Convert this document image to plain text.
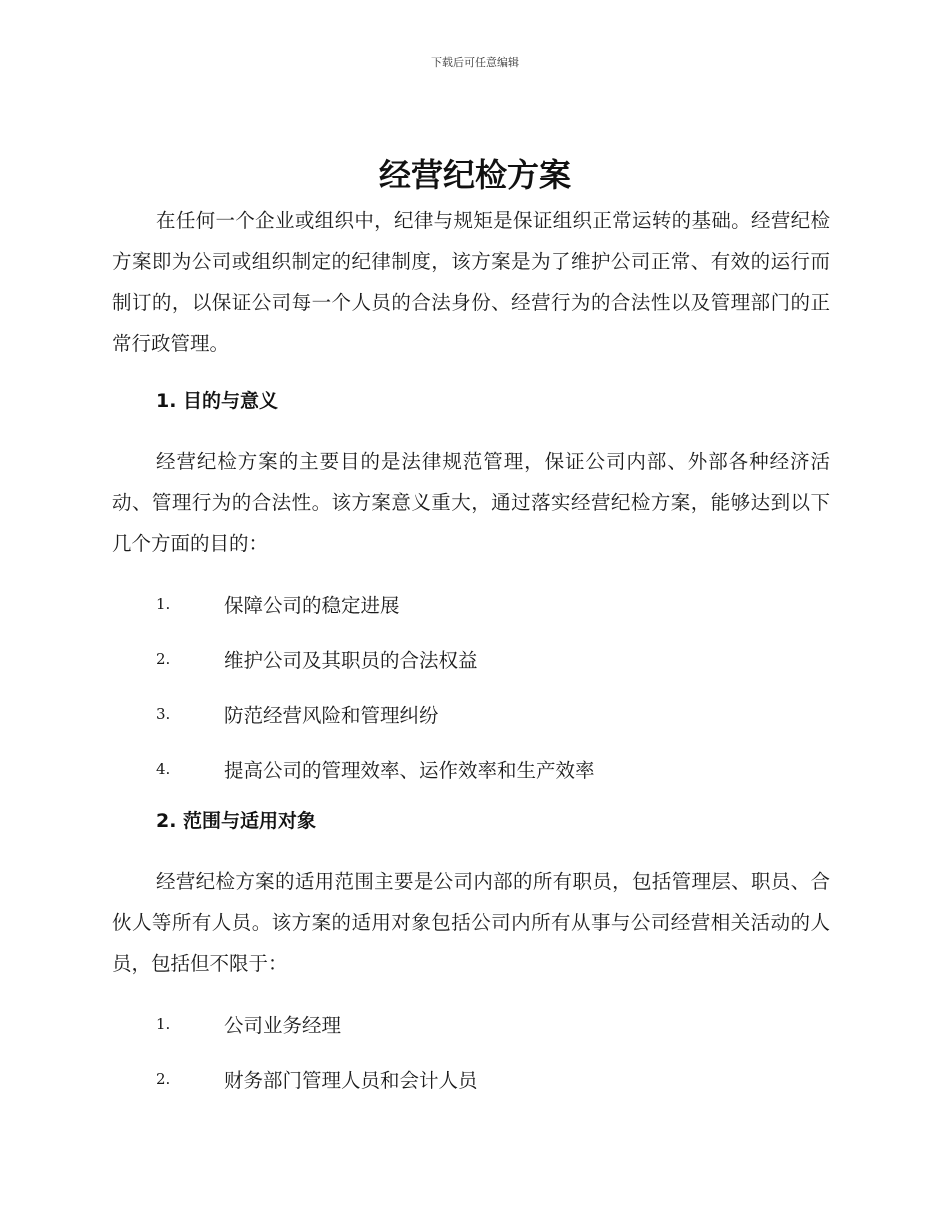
下载后可任意编辑
经营纪检方案

在任何一个企业或组织中，纪律与规矩是保证组织正常运转的基础。经营纪检方案即为公司或组织制定的纪律制度，该方案是为了维护公司正常、有效的运行而制订的，以保证公司每一个人员的合法身份、经营行为的合法性以及管理部门的正常行政管理。

1. 目的与意义

经营纪检方案的主要目的是法律规范管理，保证公司内部、外部各种经济活动、管理行为的合法性。该方案意义重大，通过落实经营纪检方案，能够达到以下几个方面的目的：

1.	保障公司的稳定进展
2.	维护公司及其职员的合法权益
3.	防范经营风险和管理纠纷
4.	提高公司的管理效率、运作效率和生产效率
2. 范围与适用对象

经营纪检方案的适用范围主要是公司内部的所有职员，包括管理层、职员、合伙人等所有人员。该方案的适用对象包括公司内所有从事与公司经营相关活动的人员，包括但不限于：

1.	公司业务经理
2.	财务部门管理人员和会计人员
